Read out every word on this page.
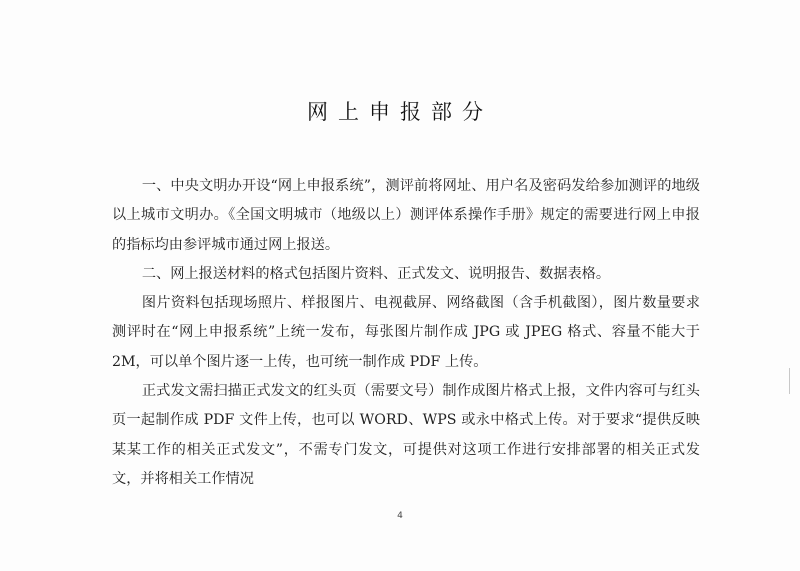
网上申报部分

一、中央文明办开设“网上申报系统”，测评前将网址、用户名及密码发给参加测评的地级以上城市文明办。《全国文明城市（地级以上）测评体系操作手册》规定的需要进行网上申报的指标均由参评城市通过网上报送。

二、网上报送材料的格式包括图片资料、正式发文、说明报告、数据表格。

图片资料包括现场照片、样报图片、电视截屏、网络截图（含手机截图），图片数量要求测评时在“网上申报系统”上统一发布，每张图片制作成 JPG 或 JPEG 格式、容量不能大于 2M，可以单个图片逐一上传，也可统一制作成 PDF 上传。

正式发文需扫描正式发文的红头页（需要文号）制作成图片格式上报，文件内容可与红头页一起制作成 PDF 文件上传，也可以 WORD、WPS 或永中格式上传。对于要求“提供反映某某工作的相关正式发文”，不需专门发文，可提供对这项工作进行安排部署的相关正式发文，并将相关工作情况

4
